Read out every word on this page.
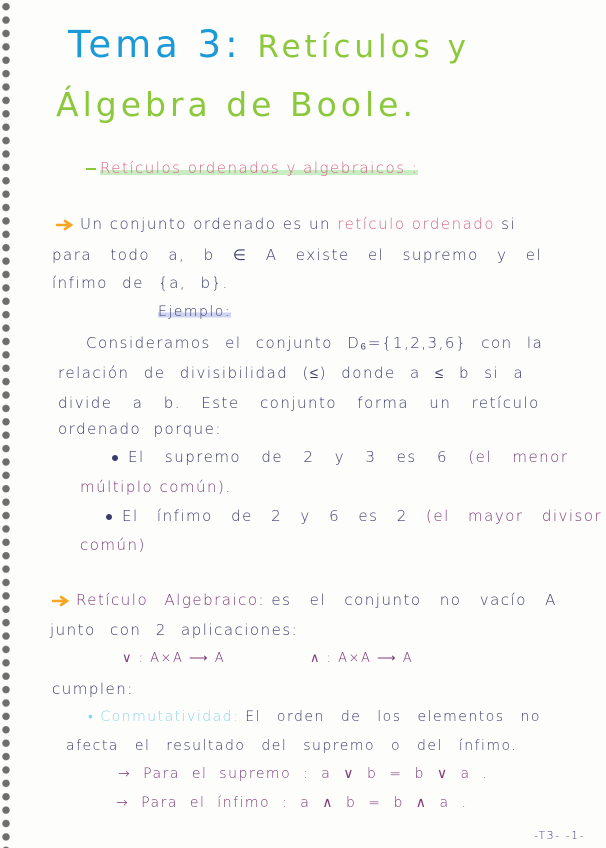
Tema 3: Retículos y
Álgebra de Boole.
Retículos ordenados y algebraicos :
Un conjunto ordenado es un retículo ordenado si
para todo a, b ∈ A existe el supremo y el
ínfimo de {a, b}.
Ejemplo:
Consideramos el conjunto D₆={1,2,3,6} con la
relación de divisibilidad (≤) donde a ≤ b si a
divide a b. Este conjunto forma un retículo
ordenado porque:
El supremo de 2 y 3 es 6 (el menor
múltiplo común).
El ínfimo de 2 y 6 es 2 (el mayor divisor
común)
Retículo Algebraico: es el conjunto no vacío A
junto con 2 aplicaciones:
∨ : A×A ⟶ A	∧ : A×A ⟶ A
cumplen:
• Conmutatividad: El orden de los elementos no
afecta el resultado del supremo o del ínfimo.
→ Para el supremo : a ∨ b = b ∨ a .
→ Para el ínfimo : a ∧ b = b ∧ a .
-T3- -1-
